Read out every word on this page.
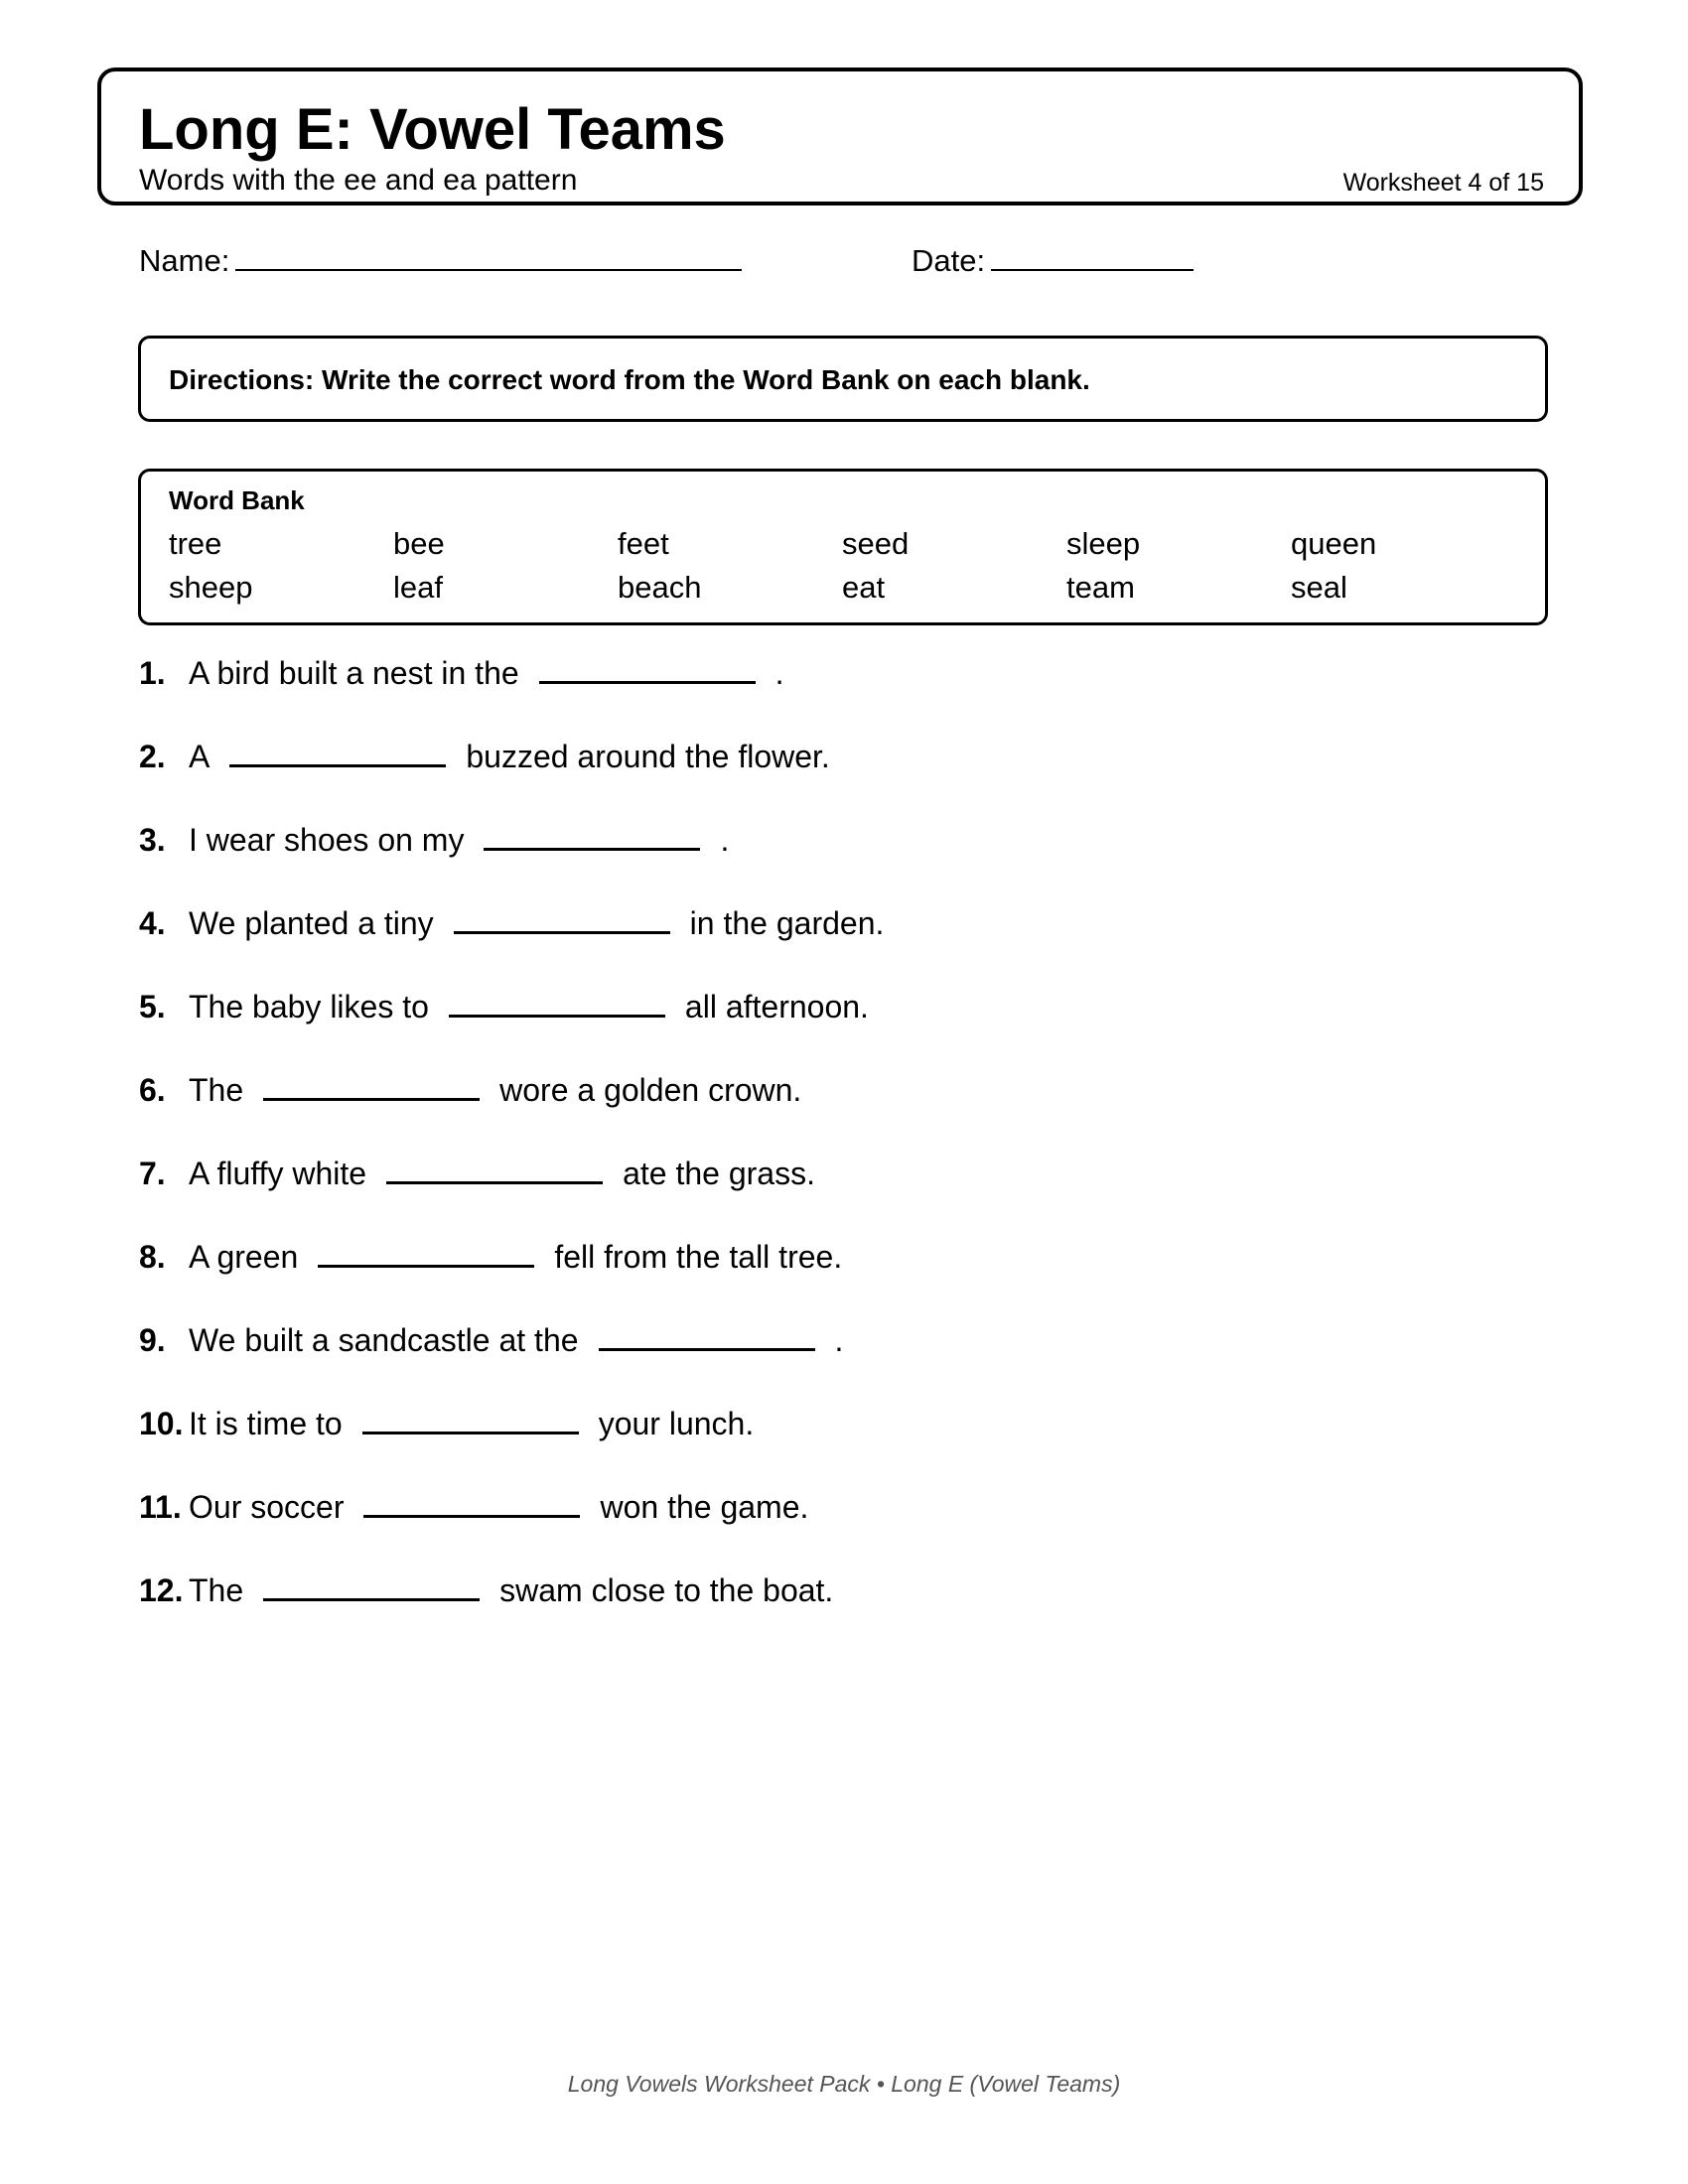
Long E: Vowel Teams
Words with the ee and ea pattern	Worksheet 4 of 15
Name:	Date:
Directions: Write the correct word from the Word Bank on each blank.
Word Bank
tree	bee	feet	seed	sleep	queen
sheep	leaf	beach	eat	team	seal
1. A bird built a nest in the	.
2. A	buzzed around the flower.
3. I wear shoes on my	.
4. We planted a tiny	in the garden.
5. The baby likes to	all afternoon.
6. The	wore a golden crown.
7. A fluffy white	ate the grass.
8. A green	fell from the tall tree.
9. We built a sandcastle at the	.
10. It is time to	your lunch.
11. Our soccer	won the game.
12. The	swam close to the boat.
Long Vowels Worksheet Pack • Long E (Vowel Teams)
